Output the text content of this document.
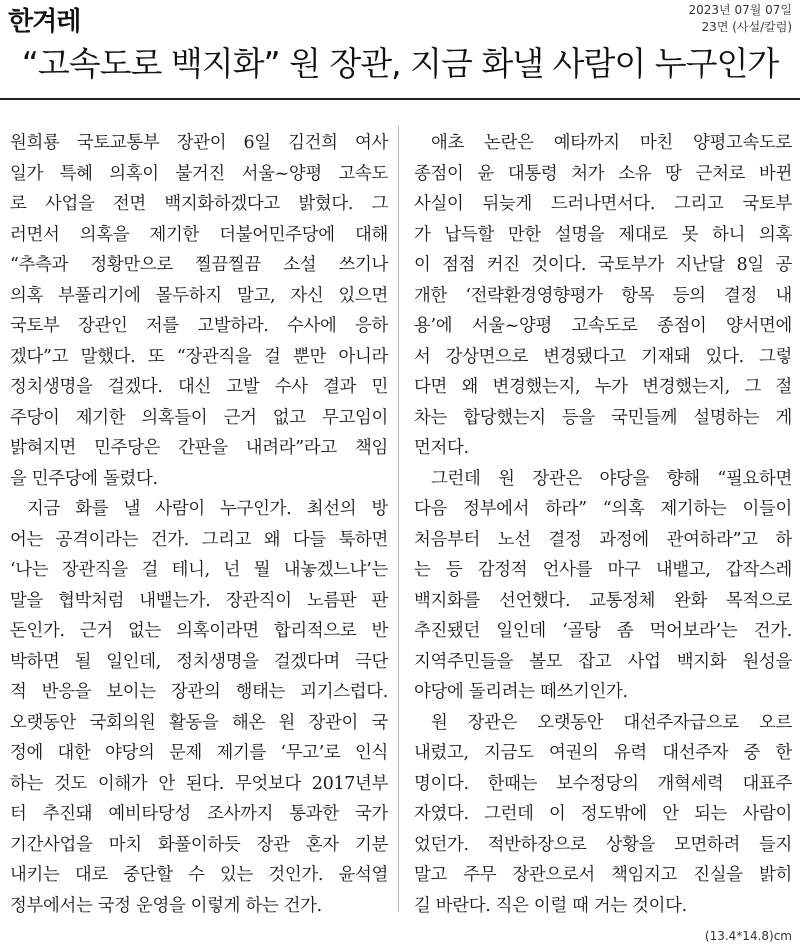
한겨레	2023년 07월 07일
23면 (사설/칼럼)
“고속도로 백지화” 원 장관, 지금 화낼 사람이 누구인가
원희룡 국토교통부 장관이 6일 김건희 여사
일가 특혜 의혹이 불거진 서울~양평 고속도
로 사업을 전면 백지화하겠다고 밝혔다. 그
러면서 의혹을 제기한 더불어민주당에 대해
“추측과 정황만으로 찔끔찔끔 소설 쓰기나
의혹 부풀리기에 몰두하지 말고, 자신 있으면
국토부 장관인 저를 고발하라. 수사에 응하
겠다”고 말했다. 또 “장관직을 걸 뿐만 아니라
정치생명을 걸겠다. 대신 고발 수사 결과 민
주당이 제기한 의혹들이 근거 없고 무고임이
밝혀지면 민주당은 간판을 내려라”라고 책임
을 민주당에 돌렸다.
지금 화를 낼 사람이 누구인가. 최선의 방
어는 공격이라는 건가. 그리고 왜 다들 툭하면
‘나는 장관직을 걸 테니, 넌 뭘 내놓겠느냐’는
말을 협박처럼 내뱉는가. 장관직이 노름판 판
돈인가. 근거 없는 의혹이라면 합리적으로 반
박하면 될 일인데, 정치생명을 걸겠다며 극단
적 반응을 보이는 장관의 행태는 괴기스럽다.
오랫동안 국회의원 활동을 해온 원 장관이 국
정에 대한 야당의 문제 제기를 ‘무고’로 인식
하는 것도 이해가 안 된다. 무엇보다 2017년부
터 추진돼 예비타당성 조사까지 통과한 국가
기간사업을 마치 화풀이하듯 장관 혼자 기분
내키는 대로 중단할 수 있는 것인가. 윤석열
정부에서는 국정 운영을 이렇게 하는 건가.
애초 논란은 예타까지 마친 양평고속도로
종점이 윤 대통령 처가 소유 땅 근처로 바뀐
사실이 뒤늦게 드러나면서다. 그리고 국토부
가 납득할 만한 설명을 제대로 못 하니 의혹
이 점점 커진 것이다. 국토부가 지난달 8일 공
개한 ‘전략환경영향평가 항목 등의 결정 내
용’에 서울~양평 고속도로 종점이 양서면에
서 강상면으로 변경됐다고 기재돼 있다. 그렇
다면 왜 변경했는지, 누가 변경했는지, 그 절
차는 합당했는지 등을 국민들께 설명하는 게
먼저다.
그런데 원 장관은 야당을 향해 “필요하면
다음 정부에서 하라” “의혹 제기하는 이들이
처음부터 노선 결정 과정에 관여하라”고 하
는 등 감정적 언사를 마구 내뱉고, 갑작스레
백지화를 선언했다. 교통정체 완화 목적으로
추진됐던 일인데 ‘골탕 좀 먹어보라’는 건가.
지역주민들을 볼모 잡고 사업 백지화 원성을
야당에 돌리려는 떼쓰기인가.
원 장관은 오랫동안 대선주자급으로 오르
내렸고, 지금도 여권의 유력 대선주자 중 한
명이다. 한때는 보수정당의 개혁세력 대표주
자였다. 그런데 이 정도밖에 안 되는 사람이
었던가. 적반하장으로 상황을 모면하려 들지
말고 주무 장관으로서 책임지고 진실을 밝히
길 바란다. 직은 이럴 때 거는 것이다.
(13.4*14.8)cm
